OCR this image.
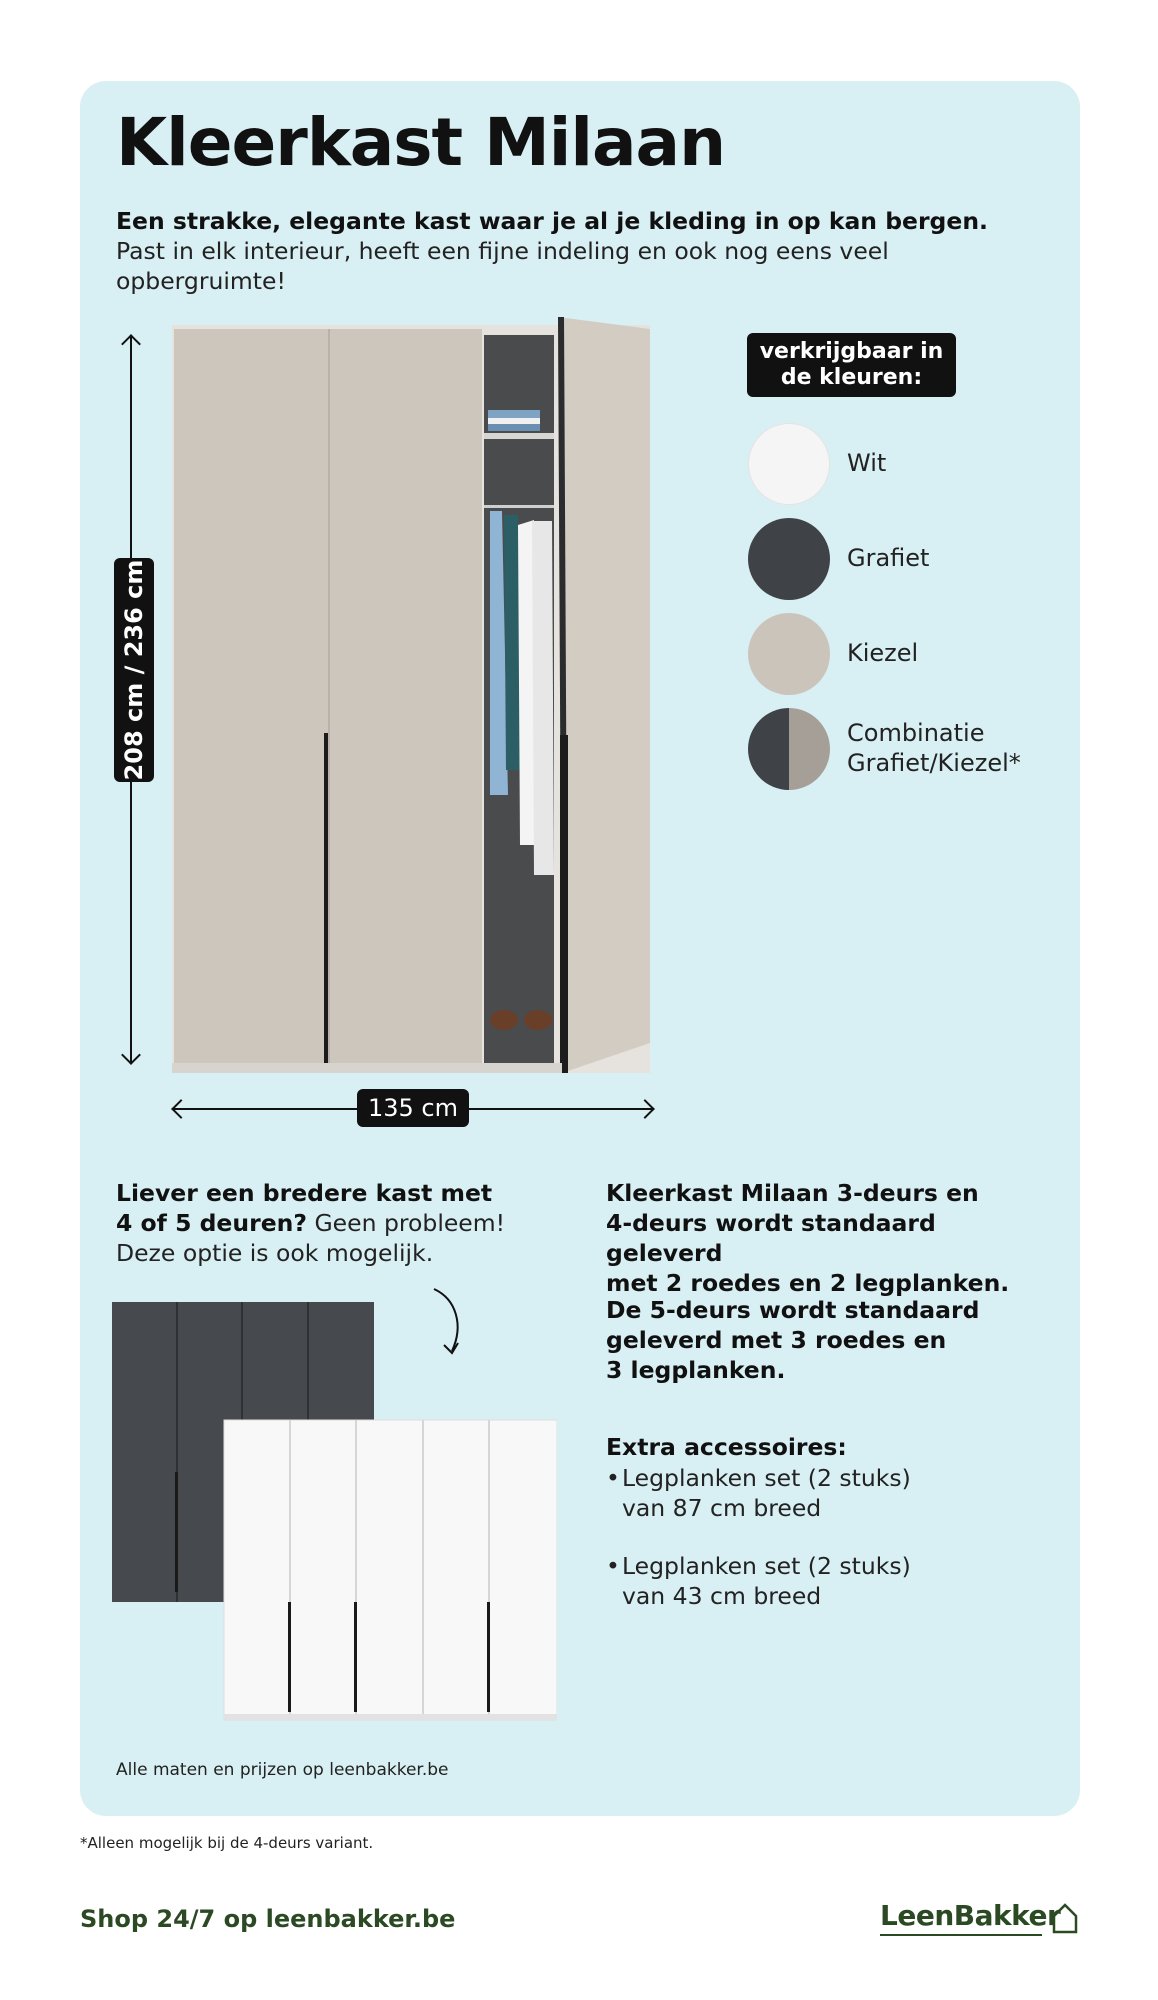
Kleerkast Milaan

Een strakke, elegante kast waar je al je kleding in op kan bergen. Past in elk interieur, heeft een fijne indeling en ook nog eens veel opbergruimte!

208 cm / 236 cm
135 cm
verkrijgbaar in de kleuren:
Wit
Grafiet
Kiezel
Combinatie Grafiet/Kiezel*
Liever een bredere kast met
4 of 5 deuren? Geen probleem!
Deze optie is ook mogelijk.
Kleerkast Milaan 3-deurs en
4-deurs wordt standaard geleverd
met 2 roedes en 2 legplanken.
De 5-deurs wordt standaard
geleverd met 3 roedes en
3 legplanken.
Extra accessoires:
•Legplanken set (2 stuks)
van 87 cm breed
•Legplanken set (2 stuks)
van 43 cm breed
Alle maten en prijzen op leenbakker.be
*Alleen mogelijk bij de 4-deurs variant.
Shop 24/7 op leenbakker.be	LeenBakker
